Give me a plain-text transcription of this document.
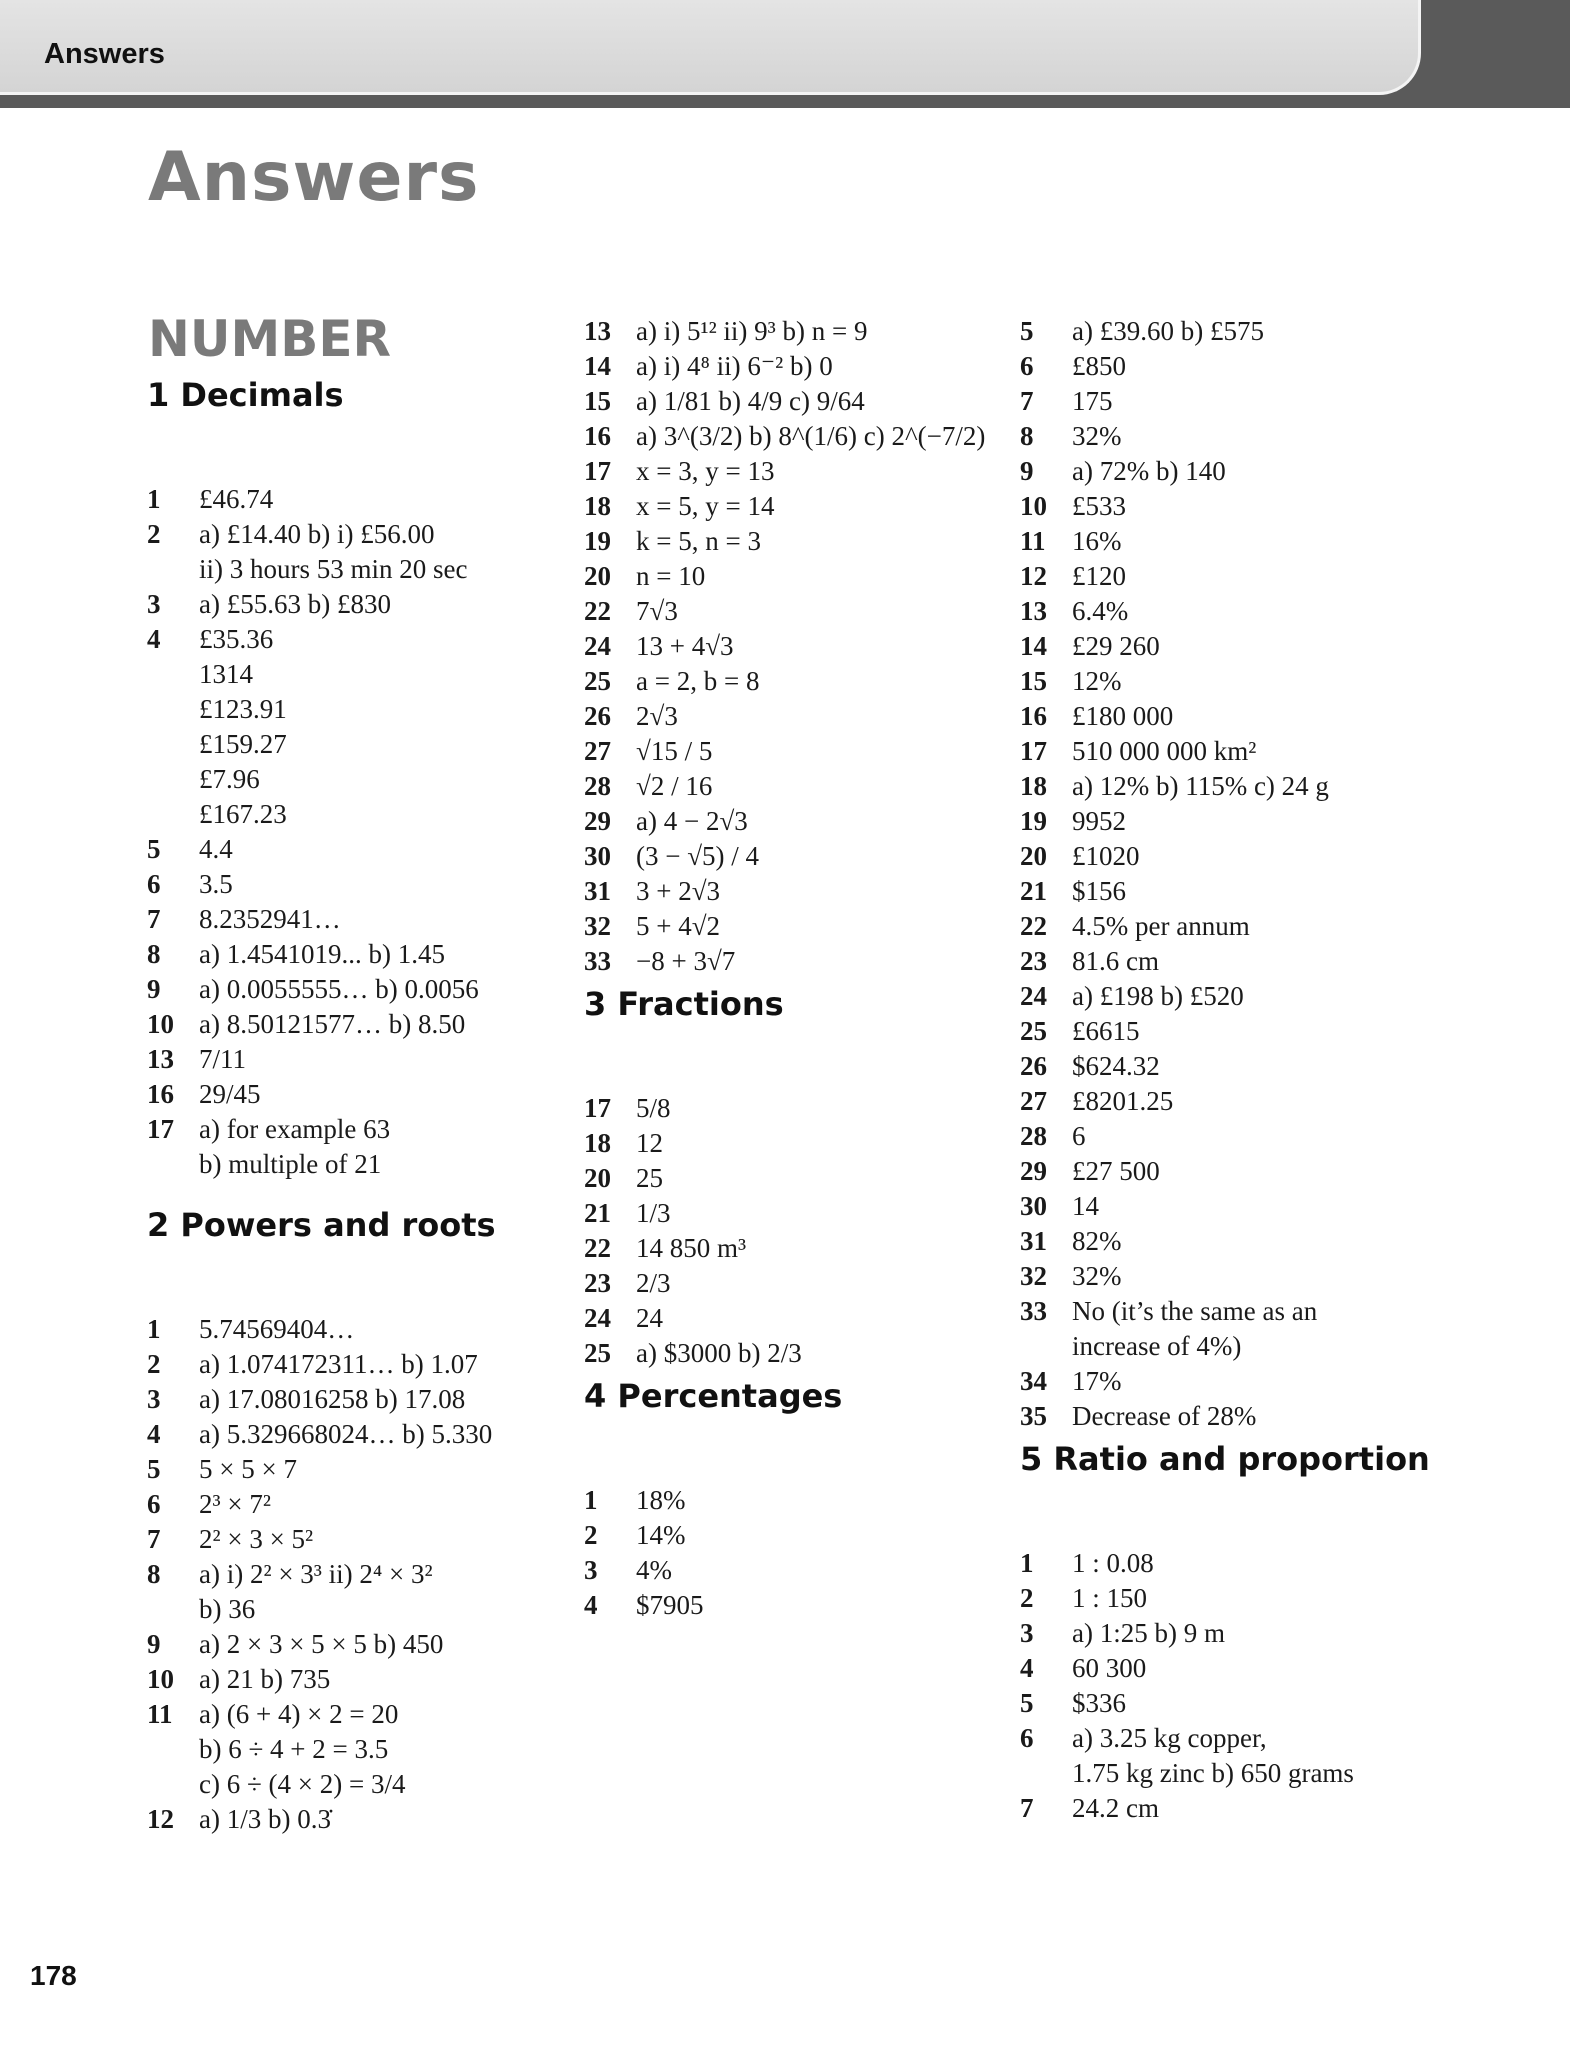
Answers
Answers
NUMBER
1 Decimals
1	£46.74
2	a) £14.40 b) i) £56.00
ii) 3 hours 53 min 20 sec
3	a) £55.63 b) £830
4	£35.36
1314
£123.91
£159.27
£7.96
£167.23
5	4.4
6	3.5
7	8.2352941…
8	a) 1.4541019... b) 1.45
9	a) 0.0055555… b) 0.0056
10 a) 8.50121577… b) 8.50
13 7/11
16 29/45
17 a) for example 63
b) multiple of 21
2 Powers and roots
1	5.74569404…
2	a) 1.074172311… b) 1.07
3	a) 17.08016258 b) 17.08
4	a) 5.329668024… b) 5.330
5	5 × 5 × 7
6	2³ × 7²
7	2² × 3 × 5²
8	a) i) 2² × 3³ ii) 2⁴ × 3²
b) 36
9	a) 2 × 3 × 5 × 5 b) 450
10 a) 21 b) 735
11 a) (6 + 4) × 2 = 20
b) 6 ÷ 4 + 2 = 3.5
c) 6 ÷ (4 × 2) = 3/4
12 a) 1/3 b) 0.3̇
13 a) i) 5¹² ii) 9³ b) n = 9
14 a) i) 4⁸ ii) 6⁻² b) 0
15 a) 1/81 b) 4/9 c) 9/64
16 a) 3^(3/2) b) 8^(1/6) c) 2^(−7/2)
17 x = 3, y = 13
18 x = 5, y = 14
19 k = 5, n = 3
20 n = 10
22 7√3
24 13 + 4√3
25 a = 2, b = 8
26 2√3
27 √15 / 5
28 √2 / 16
29 a) 4 − 2√3
30 (3 − √5) / 4
31 3 + 2√3
32 5 + 4√2
33 −8 + 3√7
3 Fractions
17 5/8
18 12
20 25
21 1/3
22 14 850 m³
23 2/3
24 24
25 a) $3000 b) 2/3
4 Percentages
1	18%
2	14%
3	4%
4	$7905
5	a) £39.60 b) £575
6	£850
7	175
8	32%
9	a) 72% b) 140
10 £533
11 16%
12 £120
13 6.4%
14 £29 260
15 12%
16 £180 000
17 510 000 000 km²
18 a) 12% b) 115% c) 24 g
19 9952
20 £1020
21 $156
22 4.5% per annum
23 81.6 cm
24 a) £198 b) £520
25 £6615
26 $624.32
27 £8201.25
28 6
29 £27 500
30 14
31 82%
32 32%
33 No (it’s the same as an
increase of 4%)
34 17%
35 Decrease of 28%
5 Ratio and proportion
1	1 : 0.08
2	1 : 150
3	a) 1:25 b) 9 m
4	60 300
5	$336
6	a) 3.25 kg copper,
1.75 kg zinc b) 650 grams
7	24.2 cm
178
